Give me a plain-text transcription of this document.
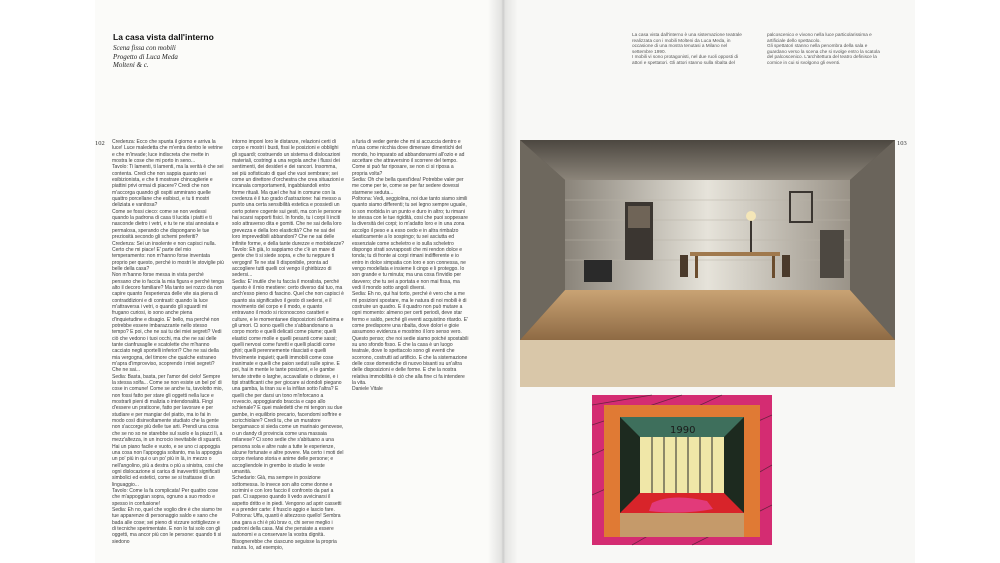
La casa vista dall'interno

Scena fissa con mobili

Progetto di Luca Meda

Molteni & c.

102	103

Credenza: Ecco che spunta il giorno e arriva la luce! Luce maledetta che m'entra dentro le vetrine e che m'invade; luce indiscreta che mette in mostra le cose che mi porto in seno...

Tavolo: Ti lamenti, ti lamenti, ma la verità è che sei contenta. Credi che non sappia quanto sei esibizionista, e che ti mostrare chincaglierie e piattini privi ormai di piacere? Credi che non m'accorga quando gli ospiti ammirano quelle quattro porcellane che esibisci, e tu ti mostri deliziata e vanitosa?

Come se fossi cieco: come se non vedessi quando la padrona di casa ti lucida i piatti e ti nasconde dietro i vetri, e tu te ne stai annoiata e permalosa, sperando che dispongano le tue preziosità secondo gli schemi preferiti?

Credenza: Sei un insolente e non capisci nulla. Certo che mi piace! E' parte del mio temperamento: non m'hanno forse inventata proprio per questo, perché io mostri le stoviglie più belle della casa?

Non m'hanno forse messa in vista perché pensano che io faccia la mia figura e perché tenga alto il decoro familiare? Ma tanto sei rozzo da non capire quanto l'esperienza delle vite sia piena di contraddizioni e di contrasti: quando la luce m'attraversa i vetri, o quando gli sguardi mi frugano curiosi, io sono anche piena d'inquietudine e disagio. E' bello, ma perché non potrebbe essere imbarazzante nello stesso tempo? E poi, che ne sai tu dei miei segreti? Vedi ciò che vedono i tuoi occhi, ma che ne sai delle tante cianfrusaglie e scatolette che m'hanno cacciato negli sportelli inferiori? Che ne sai della mia vergogna, del timore che qualche estraneo m'apra d'improvviso, scoprendo i miei segreti?

Che ne sai...

Sedia: Basta, basta, per l'amor del cielo! Sempre la stessa solfa... Come se non esiste un bel po' di cose in comune! Come se anche tu, tavolotto mio, non fossi fatto per stare gli oggetti nella luce e mostrarli pieni di malizia o intendonalità. Fingi d'essere un praticone, fatto per lavorare e per studiare e per mangiar del piatto, ma io fai in modo così disinvoltamente studiato che la gente non s'accorge più delle tue arti. Prendi una cosa che se no so ne starebbe sul suolo e la piazzi lì, a mezz'altezza, in un incrocio inevitabile di sguardi. Hai un piano facile e vuoto, e se uno ci appoggia una cosa non l'appoggia soltanto, ma la appoggia un po' più in qui o un po' più in là, in mezzo o nell'angolino, più a destra o più a sinistra, cosi che ogni dislocazione si carica di inavvertiti significati simbolici ed estetici, come se si trattasse di un linguaggio...

Tavolo: Come la fa complicata! Per quattro cose che m'appoggian sopra, ognuno a suo modo e spesso in confusione!

Sedia: Eh no, quel che voglio dire è che siamo tre tue apparenze di personaggio saldo e sano che bada alle cose; sei pieno di vizzure sottigliezze e di tecniche sperimentate. E non lo fai solo con gli oggetti, ma ancor più con le persone: quando ti si siedono

intorno imponi loro le distanze, relazioni certi di corpo e mostri i busti, fissi le posizioni e obblighi gli sguardi; costruendo un sistema di dislocazioni materiali, costringi a una regola anche i flussi dei sentimenti, dei desideri e dei rancori. Insomma, sei più sofisticato di quel che vuoi sembrare; sei come un direttore d'orchestra che crea situazioni e incanala comportamenti, ingabbiandoli entro forme rituali. Ma quel che hai in comune con la credenza è il tuo grado d'astrazione: hai messo a punto una certa sensibilità estetica e possiedi un certo potere cogente sui gesti, ma con le persone hai scarsi rapporti fisici. In fondo, tu i corpi li inciti solo attraverso dita e gomiti. Che ne sai della loro grevezza e della loro elasticità? Che ne sai dei loro imprevedibili abbandoni? Che ne sai delle infinite forme, e della tante durezze e morbidezze?

Tavolo: Eh già, lo sappiamo che c'è un mare di gente che ti si siede sopra, e che tu neppure ti vergogni! Te ne stai lì disponibile, pronta ad accogliere tutti quelli coi vengo il ghiribizzo di sedersi...

Sedia: E' inutile che tu faccia il moralista, perché questo è il mio mestiere: certo diverso dal tuo, ma anch'esso pieno di fascino. Quel che non capisci è quanto sia significativo il gesto di sedersi, e il movimento del corpo e il modo, e quanto entravano il modo si riconoscono caratteri e culture, e le momentanee disposizioni dell'anima e gli umori. Ci sono quelli che s'abbandonano a corpo morto e quelli delicati come piume; quelli elastici come molle e quelli pesanti come sassi; quelli nervosi come furetti e quelli placidi come ghiri; quelli perennemente rilasciati e quelli frivolmente inquieti; quelli immobili come cose inanimate e quelli che paion seduti sulle spine. E poi, hai in mente le tante posizioni, e le gambe tenute strette o larghe, accavallate o distese, e i tipi stratificanti che per giocare ai dondoli piegano una gamba, la tiran su e la infilan sotto l'altra? E quelli che per darsi un tono m'inforcano a rovescio, appoggiando braccia e capo allo schienale? E quei maledetti che mi tengon su due gambe, in equilibrio precario, facendomi soffrire e scricchiolare? Credi tu, che un muratore bergamasco si sieda come un marinaio genovese, o un dandy di provincia come una massaia milanese? Ci sono sedie che s'abituano a una persona sola e altre nate a tutte le esperienze, alcune fortunate e altre povere. Ma certo i moti del corpo rivelano storia e anime delle persone; e accogliendole in grembo io studio le veste umanità.

Schedario: Già, ma sempre in posizione sottomessa. Io invece son alto come donne e scrimini e con loro faccio il confronto da pari a pari. Ci sappeso quando li vedo avvicinarsi il aspetto dritto e in piedi. Vengono ad aprir cassetti e a prender carte: il fruscìo aggio e lascio fare.

Poltrona: Uffa, quanti è altezzoso quello! Sembra una gara a chi è più brav o, chi serve meglio i padroni della casa. Mai che pensiate a essere autonomi e a conservare la vostra dignità. Bisognerebbe che ciascuno seguisse la propria natura. Io, ad esempio,

a furia di veder gente che mi si accuccia dentro e m'usa come nicchia dove dimenare dimentichi del mondo, ho imparato ad abbandonarmi all'ozio e ad accettare che attraversino il scorrere del tempo. Come si può far riposare, se non ci si riposa a propria volta?

Sedia: Oh che bella quest'idea! Potrebbe valer per me come per te, come se per far sedere dovessi starmene seduta...

Poltrona: Vedi, seggiolina, noi due tanto siamo simili quanto siamo differenti; tu sei legno sempre uguale, io son morbida in un punto e duro in altro; tu rimani te stessa con le tue rigidità, cosi che puoi soppesare la diversità dei corpi; io m'adatto loro e in una zona accolgo il peso e a esso cedo e in altra rimbalzo elasticamente a lo sospingo; tu sei asciutta ed essenziale come scheletro e io sulla scheletro dispongo strati sovrapposti che mi rendon dolce e tonda; tu di fronte ai corpi rimani indifferente e io entro in dolce simpatia con loro e son connessa, ne vengo modellata e insieme li cingo e li proteggo. Io son grande e tu minuta; ma una cosa t'invidio per davvero; che tu sei a portata e non mai fissa, ma vedi il mondo sotto angoli diversi.

Sedia: Eh no, qui hai torto, perché è vero che a me mi posizioni spostare, ma le natura di noi mobili è di costruire un quadro. E il quadro non può mutare a ogni momento: almeno per certi periodi, deve star fermo e saldo, perché gli eventi acquistino ritardo. E' come predisporre una ribalta, dove dolori e gioie assumono evidenza e mostrino il loro senso vero. Questo penso; che noi sedie siamo poiché spostabili su uno sfondo fisso. E che la casa è un luogo teatrale, dove lo spettacolo sono gli eventi che scorrono, costrutti ad artificio. E che la sistemazione delle cose domestiche di nuovo bisanti su un'altra delle disposizioni e delle forme. E che la nostra relativa immobilità è ciò che alla fine ci fa intendere la vita.

Daniele Vitale

La casa vista dall'interno è una sistemazione teatrale realizzata con i mobili Molteni da Luca Meda, in occasione di una mostra tenutasi a Milano nel settembre 1990.

I mobili vi sono protagonisti, nel due ruoli opposti di attori e spettatori. Gli attori stanno sulla ribalta del

palcoscenico e vivono nella luce particolarissima e artificiale dello spettacolo.

Gli spettatori stanno nella penombra della sala e guardano verso la scena che si svolge entro la scatola del palcoscenico. L'architettura del teatro definisce la cornice in cui si svolgono gli eventi.

1990
